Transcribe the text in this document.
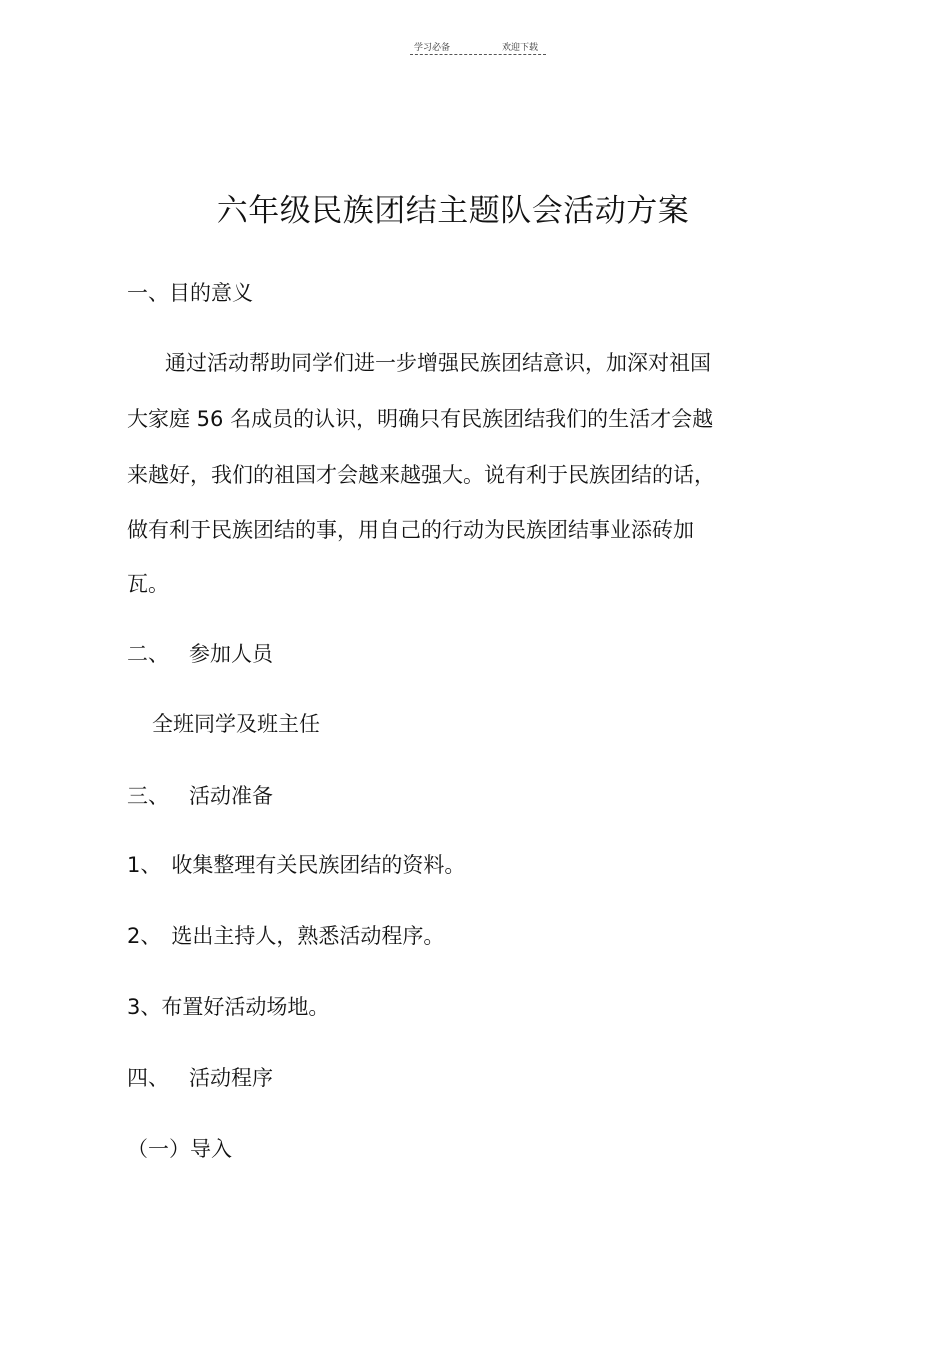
学习必备	欢迎下载
六年级民族团结主题队会活动方案

一、目的意义

通过活动帮助同学们进一步增强民族团结意识，加深对祖国

大家庭 56 名成员的认识，明确只有民族团结我们的生活才会越

来越好，我们的祖国才会越来越强大。说有利于民族团结的话，

做有利于民族团结的事，用自己的行动为民族团结事业添砖加

瓦。

二、 参加人员

全班同学及班主任

三、 活动准备

1、 收集整理有关民族团结的资料。

2、 选出主持人，熟悉活动程序。

3、布置好活动场地。

四、 活动程序

（一）导入
